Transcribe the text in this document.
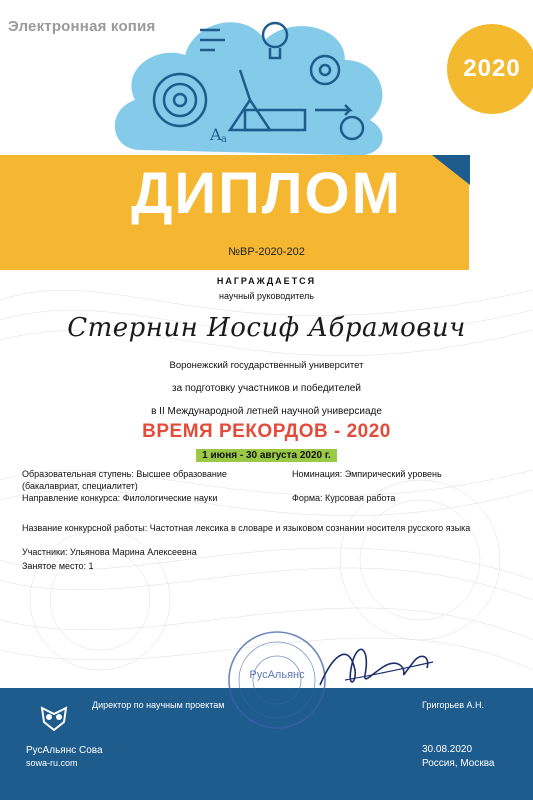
Электронная копия
A a
2020
ДИПЛОМ
№ВР-2020-202
НАГРАЖДАЕТСЯ
научный руководитель
Стернин Иосиф Абрамович
Воронежский государственный университет
за подготовку участников и победителей
в II Международной летней научной универсиаде
ВРЕМЯ РЕКОРДОВ - 2020
1 июня - 30 августа 2020 г.
Образовательная ступень: Высшее образование
(бакалавриат, специалитет)
Направление конкурса: Филологические науки
Номинация: Эмпирический уровень
Форма: Курсовая работа
Название конкурсной работы: Частотная лексика в словаре и языковом сознании носителя русского языка
Участники: Ульянова Марина Алексеевна
Занятое место: 1
Директор по научным проектам	Григорьев А.Н.
РусАльянс Сова
sowa-ru.com
30.08.2020
Россия, Москва
РусАльянс
